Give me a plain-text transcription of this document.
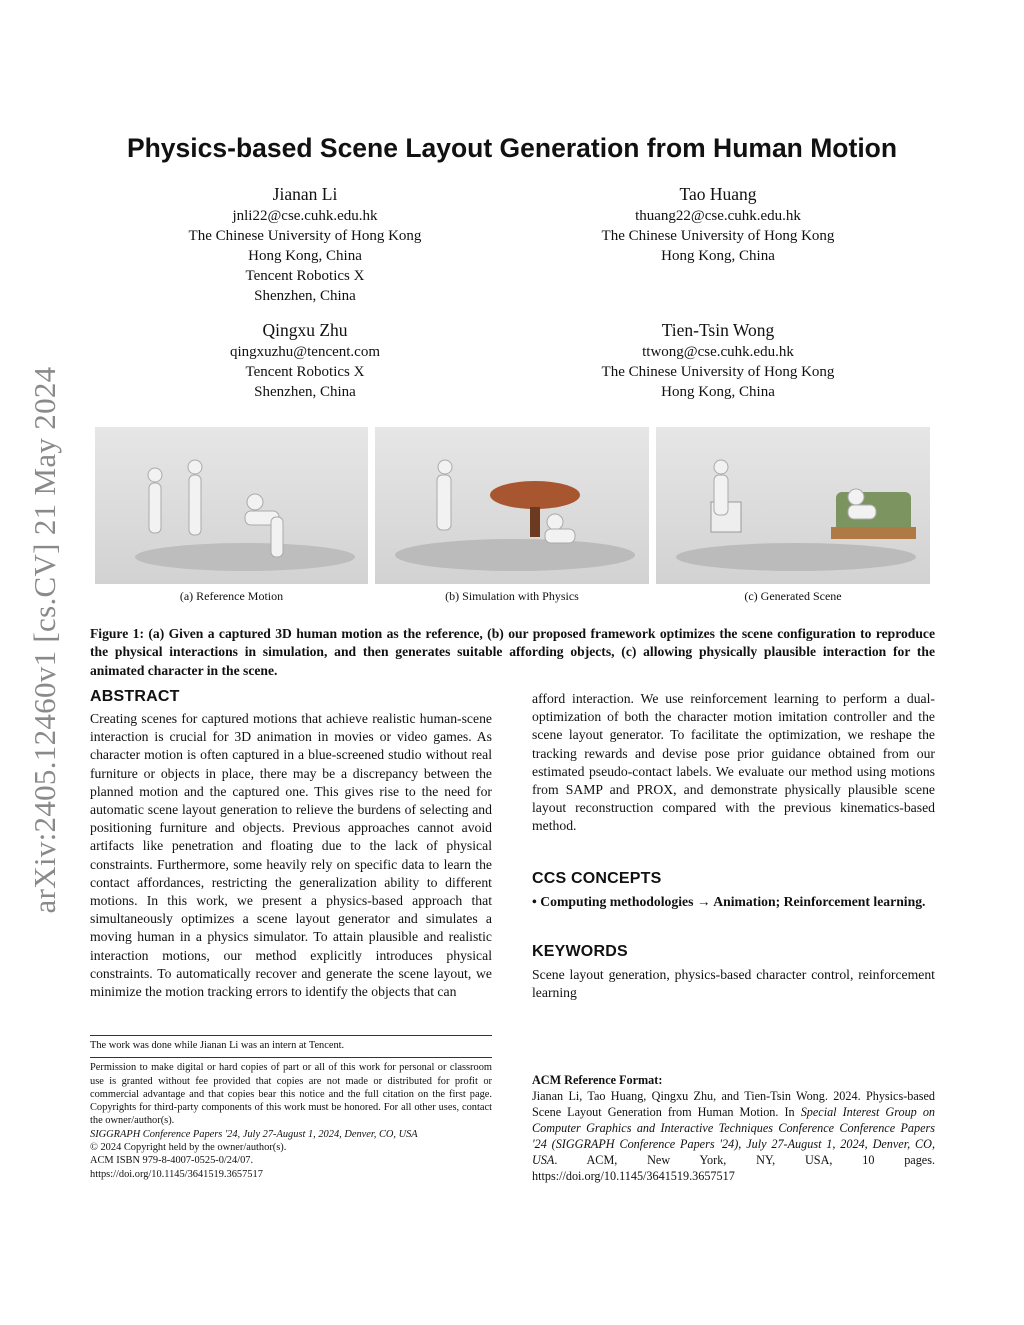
arXiv:2405.12460v1 [cs.CV] 21 May 2024
Physics-based Scene Layout Generation from Human Motion
Jianan Li
jnli22@cse.cuhk.edu.hk
The Chinese University of Hong Kong
Hong Kong, China
Tencent Robotics X
Shenzhen, China
Tao Huang
thuang22@cse.cuhk.edu.hk
The Chinese University of Hong Kong
Hong Kong, China
Qingxu Zhu
qingxuzhu@tencent.com
Tencent Robotics X
Shenzhen, China
Tien-Tsin Wong
ttwong@cse.cuhk.edu.hk
The Chinese University of Hong Kong
Hong Kong, China
(a) Reference Motion	(b) Simulation with Physics	(c) Generated Scene
Figure 1: (a) Given a captured 3D human motion as the reference, (b) our proposed framework optimizes the scene configuration to reproduce the physical interactions in simulation, and then generates suitable affording objects, (c) allowing physically plausible interaction for the animated character in the scene.
ABSTRACT

Creating scenes for captured motions that achieve realistic human-scene interaction is crucial for 3D animation in movies or video games. As character motion is often captured in a blue-screened studio without real furniture or objects in place, there may be a discrepancy between the planned motion and the captured one. This gives rise to the need for automatic scene layout generation to relieve the burdens of selecting and positioning furniture and objects. Previous approaches cannot avoid artifacts like penetration and floating due to the lack of physical constraints. Furthermore, some heavily rely on specific data to learn the contact affordances, restricting the generalization ability to different motions. In this work, we present a physics-based approach that simultaneously optimizes a scene layout generator and simulates a moving human in a physics simulator. To attain plausible and realistic interaction motions, our method explicitly introduces physical constraints. To automatically recover and generate the scene layout, we minimize the motion tracking errors to identify the objects that can

The work was done while Jianan Li was an intern at Tencent.

Permission to make digital or hard copies of part or all of this work for personal or classroom use is granted without fee provided that copies are not made or distributed for profit or commercial advantage and that copies bear this notice and the full citation on the first page. Copyrights for third-party components of this work must be honored. For all other uses, contact the owner/author(s).

SIGGRAPH Conference Papers '24, July 27-August 1, 2024, Denver, CO, USA

© 2024 Copyright held by the owner/author(s).

ACM ISBN 979-8-4007-0525-0/24/07.

https://doi.org/10.1145/3641519.3657517

afford interaction. We use reinforcement learning to perform a dual-optimization of both the character motion imitation controller and the scene layout generator. To facilitate the optimization, we reshape the tracking rewards and devise pose prior guidance obtained from our estimated pseudo-contact labels. We evaluate our method using motions from SAMP and PROX, and demonstrate physically plausible scene layout reconstruction compared with the previous kinematics-based method.

CCS CONCEPTS

• Computing methodologies → Animation; Reinforcement learning.

KEYWORDS

Scene layout generation, physics-based character control, reinforcement learning

ACM Reference Format:
Jianan Li, Tao Huang, Qingxu Zhu, and Tien-Tsin Wong. 2024. Physics-based Scene Layout Generation from Human Motion. In Special Interest Group on Computer Graphics and Interactive Techniques Conference Conference Papers '24 (SIGGRAPH Conference Papers '24), July 27-August 1, 2024, Denver, CO, USA. ACM, New York, NY, USA, 10 pages. https://doi.org/10.1145/3641519.3657517
